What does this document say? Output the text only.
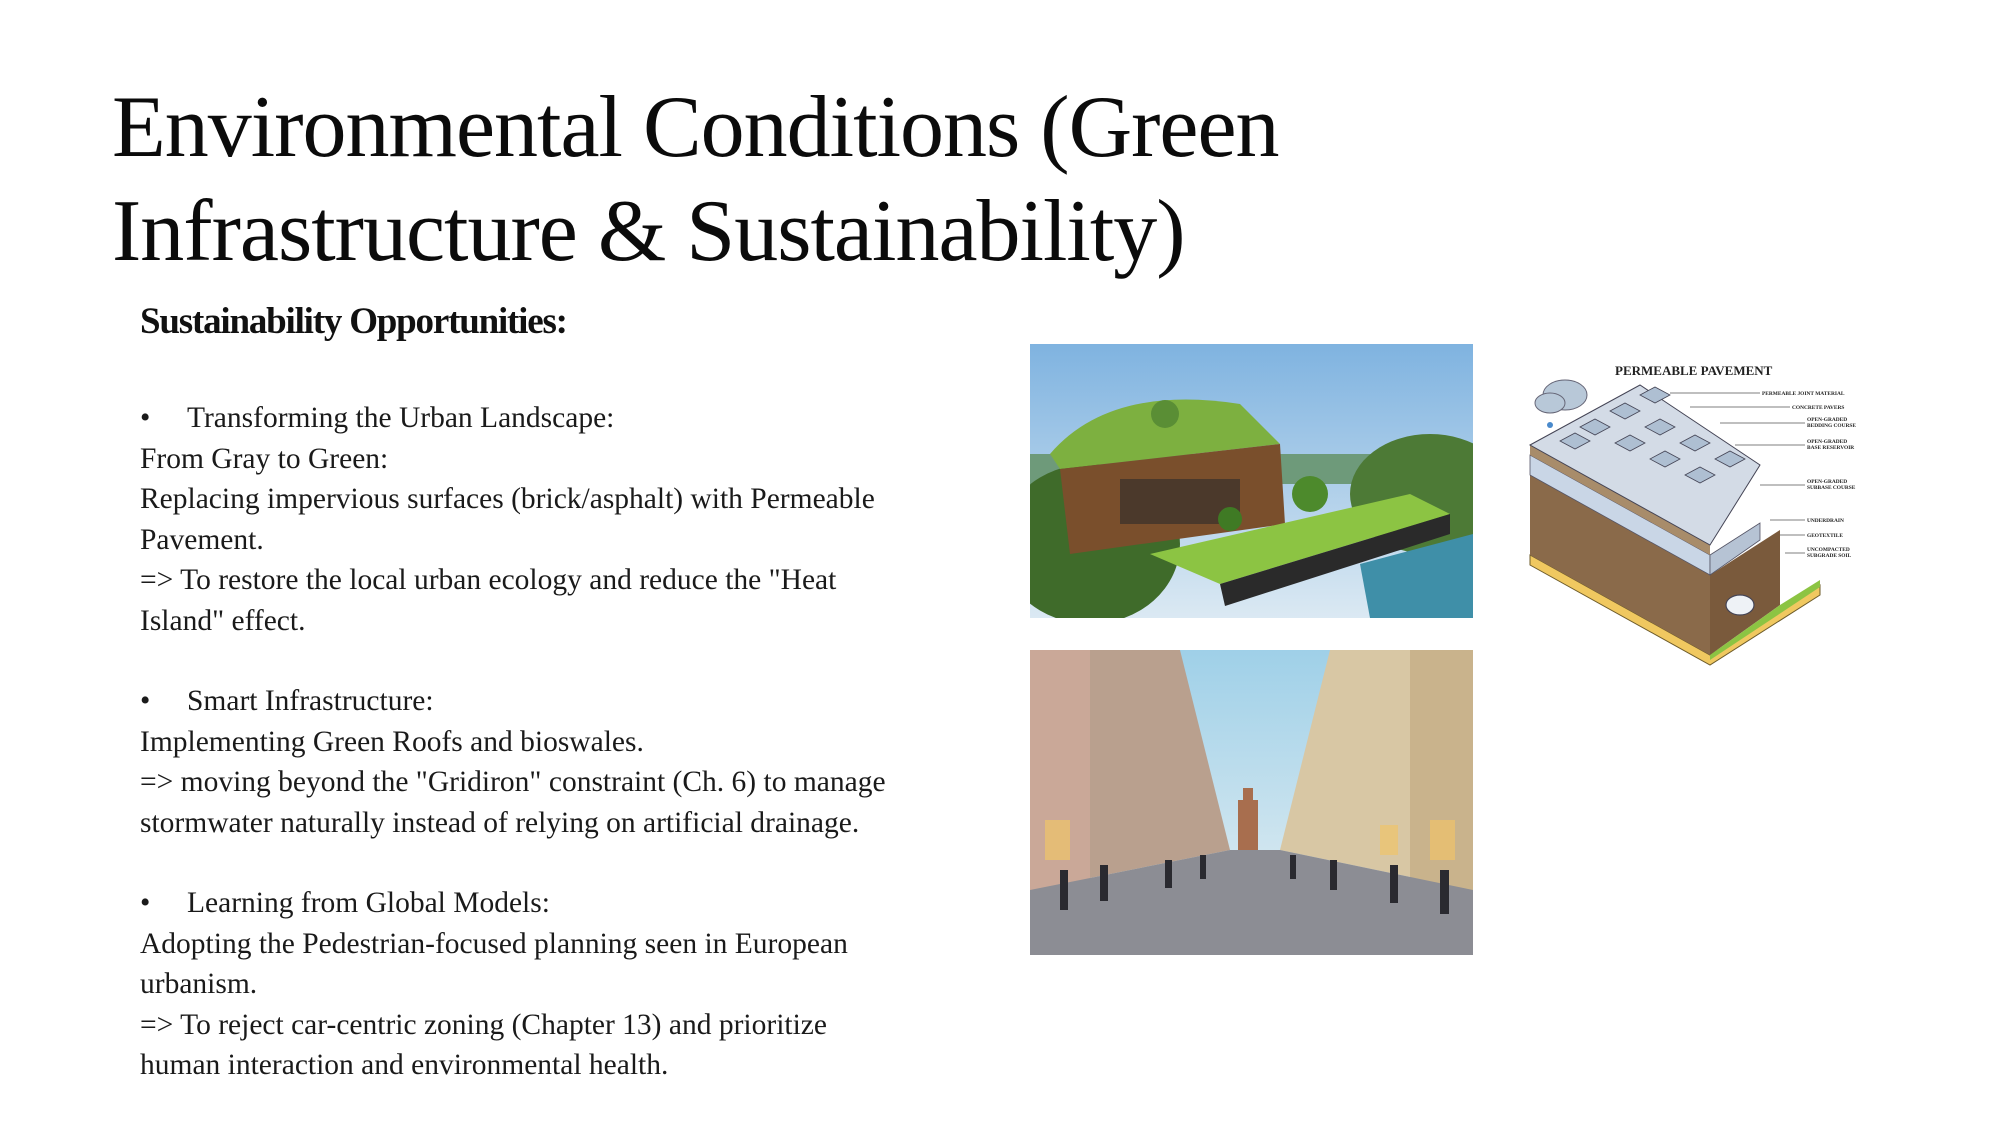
Environmental Conditions (Green
Infrastructure & Sustainability)
Sustainability Opportunities:
•	Transforming the Urban Landscape:
From Gray to Green:
Replacing impervious surfaces (brick/asphalt) with Permeable
Pavement.
=> To restore the local urban ecology and reduce the "Heat
Island" effect.
•	Smart Infrastructure:
Implementing Green Roofs and bioswales.
=> moving beyond the "Gridiron" constraint (Ch. 6) to manage
stormwater naturally instead of relying on artificial drainage.
•	Learning from Global Models:
Adopting the Pedestrian-focused planning seen in European
urbanism.
=> To reject car-centric zoning (Chapter 13) and prioritize
human interaction and environmental health.
PERMEABLE PAVEMENT
PERMEABLE JOINT MATERIAL
CONCRETE PAVERS
OPEN-GRADED
BEDDING COURSE
OPEN-GRADED
BASE RESERVOIR
OPEN-GRADED
SUBBASE COURSE
UNDERDRAIN
GEOTEXTILE
UNCOMPACTED
SUBGRADE SOIL
